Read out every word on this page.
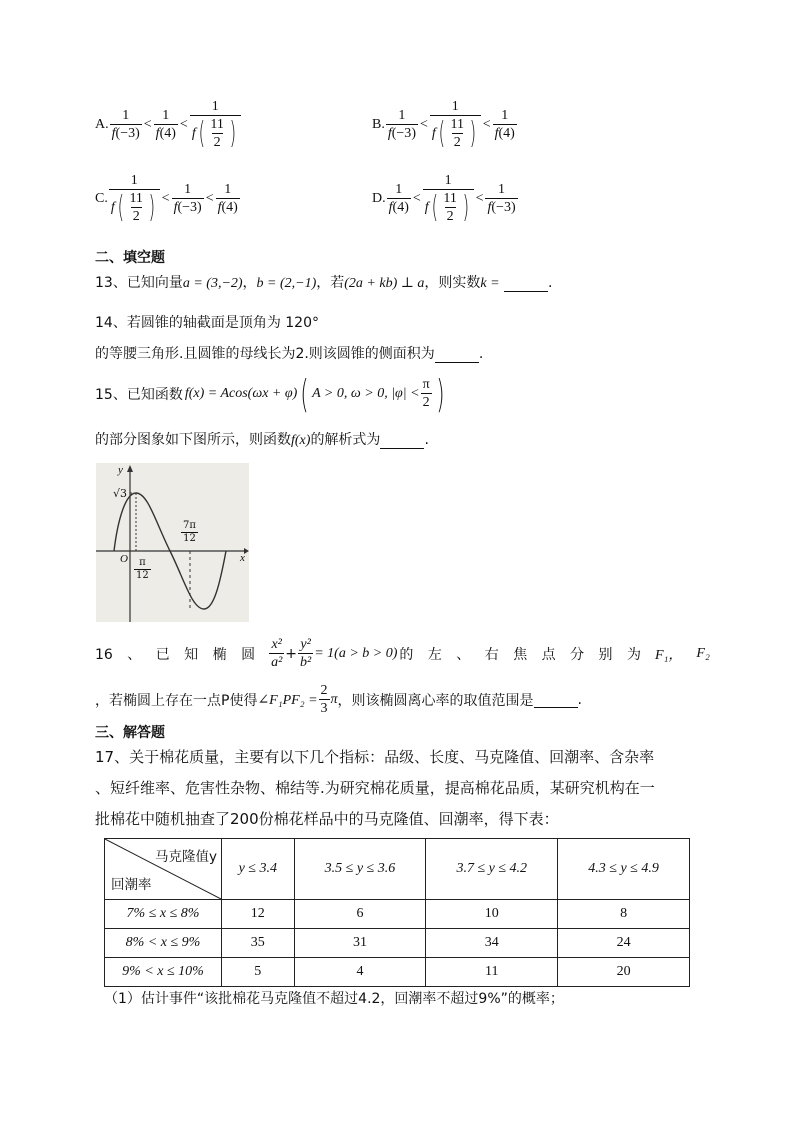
A. $\frac{1}{f(-3)} < \frac{1}{f(4)} < \frac{1}{f ( \frac{11}{2} )}$	B. $\frac{1}{f(-3)} < \frac{1}{f ( \frac{11}{2} )} < \frac{1}{f(4)}$
C. $\frac{1}{f ( \frac{11}{2} )} < \frac{1}{f(-3)} < \frac{1}{f(4)}$	D. $\frac{1}{f(4)} < \frac{1}{f ( \frac{11}{2} )} < \frac{1}{f(-3)}$
二、填空题
13、已知向量a = (3,−2)，b = (2,−1)，若(2a + kb) ⊥ a，则实数k =	.
14、若圆锥的轴截面是顶角为 120°
的等腰三角形.且圆锥的母线长为2.则该圆锥的侧面积为	.
15、已知函数 f(x) = Acos(ωx + φ) ( A > 0, ω > 0, $|\varphi| < \frac{\pi}{2}$ )
的部分图象如下图所示，则函数f(x)的解析式为	.
y
x
O
√3
$\frac{\pi}{12}$
$\frac{7\pi}{12}$
16 、 已 知 椭 圆 $\frac{\text{x²}}{\text{a²}} + \frac{\text{y²}}{\text{b²}} = 1(a > b > 0)$ 的 左 、 右 焦 点 分 别 为 F₁， F₂
，若椭圆上存在一点P使得 ∠F₁PF₂ = $\frac{2}{3}$ π ，则该椭圆离心率的取值范围是	.
三、解答题
17、关于棉花质量，主要有以下几个指标：品级、长度、马克隆值、回潮率、含杂率
、短纤维率、危害性杂物、棉结等.为研究棉花质量，提高棉花品质，某研究机构在一
批棉花中随机抽查了200份棉花样品中的马克隆值、回潮率，得下表：
马克隆值y
回潮率	y ≤ 3.4	3.5 ≤ y ≤ 3.6	3.7 ≤ y ≤ 4.2	4.3 ≤ y ≤ 4.9
7% ≤ x ≤ 8%	12	6	10	8
8% < x ≤ 9%	35	31	34	24
9% < x ≤ 10%	5	4	11	20
（1）估计事件“该批棉花马克隆值不超过4.2，回潮率不超过9%”的概率；
